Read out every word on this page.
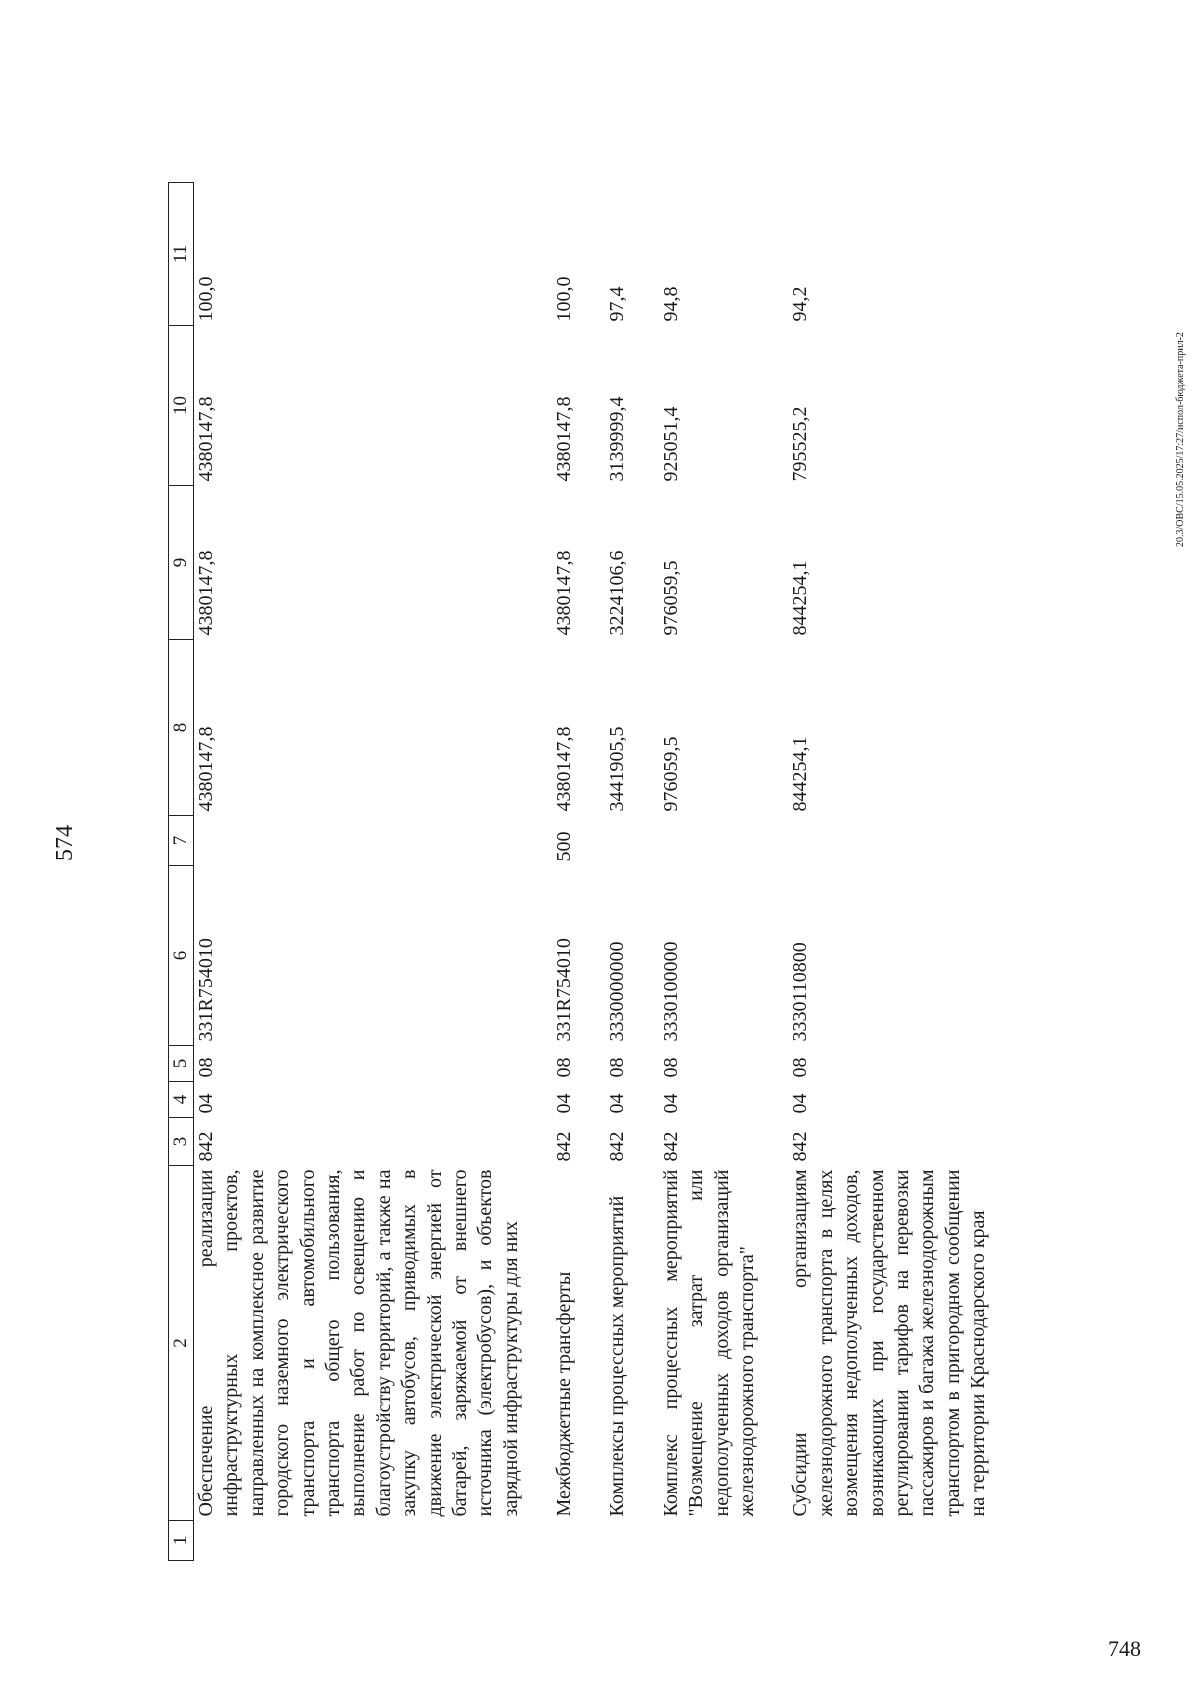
574
1	2	3	4	5	6	7	8	9	10	11
	Обеспечение реализации инфраструктурных проектов, направленных на комплексное развитие городского наземного электрического транспорта и автомобильного транспорта общего пользования, выполнение работ по освещению и благоустройству территорий, а также на закупку автобусов, приводимых в движение электрической энергией от батарей, заряжаемой от внешнего источника (электробусов), и объектов зарядной инфраструктуры для них	842	04	08	331R754010		4380147,8	4380147,8	4380147,8	100,0
	Межбюджетные трансферты	842	04	08	331R754010	500	4380147,8	4380147,8	4380147,8	100,0
	Комплексы процессных мероприятий	842	04	08	3330000000		3441905,5	3224106,6	3139999,4	97,4
	Комплекс процессных мероприятий "Возмещение затрат или недополученных доходов организаций железнодорожного транспорта"	842	04	08	3330100000		976059,5	976059,5	925051,4	94,8
	Субсидии организациям железнодорожного транспорта в целях возмещения недополученных доходов, возникающих при государственном регулировании тарифов на перевозки пассажиров и багажа железнодорожным транспортом в пригородном сообщении на территории Краснодарского края	842	04	08	3330110800		844254,1	844254,1	795525,2	94,2
20.3/ОВС/15.05.2025/17:27/испол-бюджета-прил-2
748
